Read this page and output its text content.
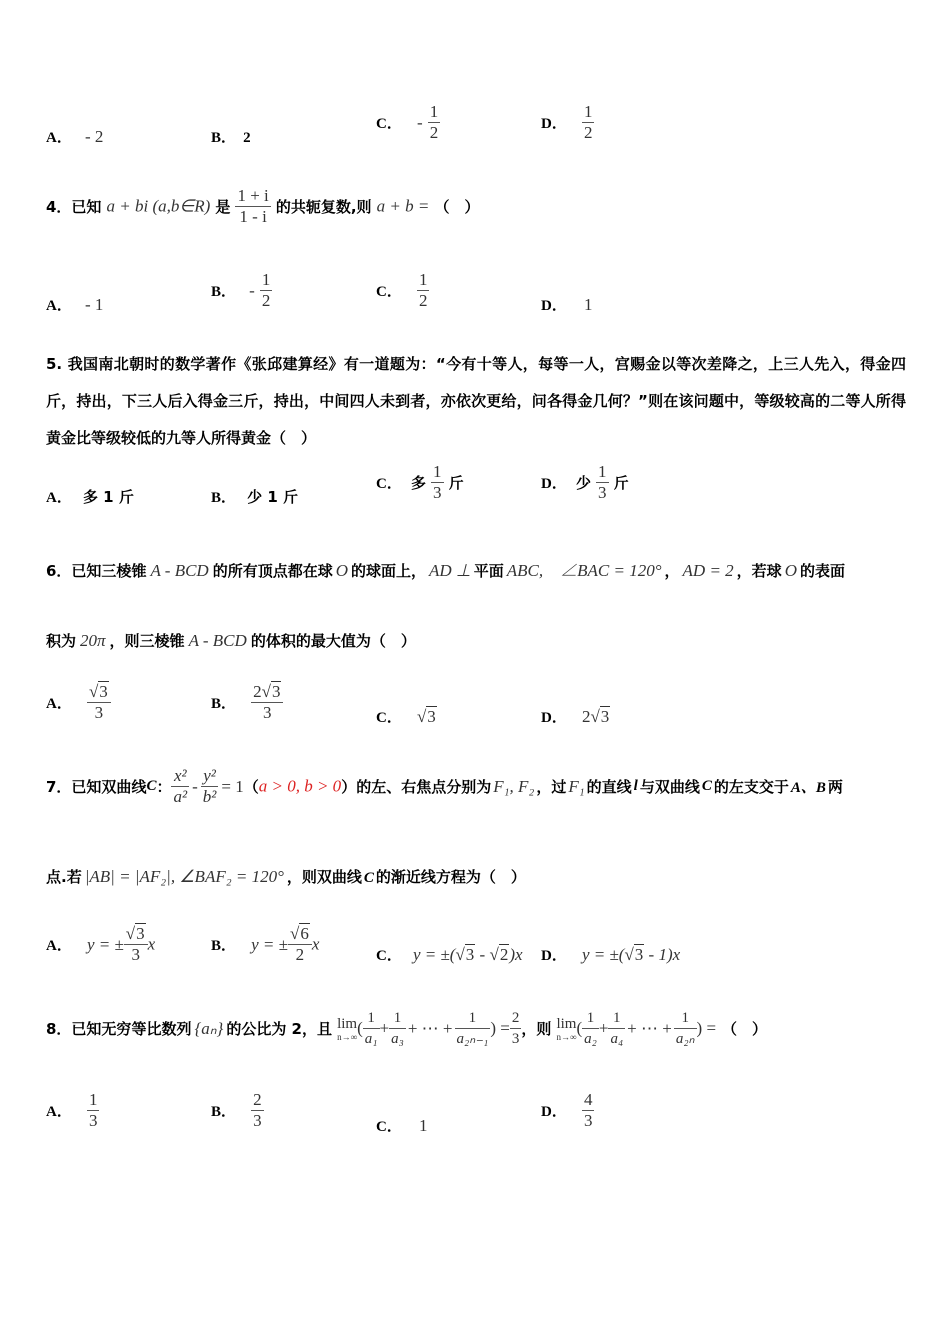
A． - 2	B． 2
C． - $\frac{1}{2}$	D． $\frac{1}{2}$
4．已知 a + bi (a,b∈R) 是 $\frac{1 + i}{1 - i}$ 的共轭复数,则 a + b = （　）
A． - 1
B． - $\frac{1}{2}$	C． $\frac{1}{2}$	D． 1
5. 我国南北朝时的数学著作《张邱建算经》有一道题为：“今有十等人，每等一人，宫赐金以等次差降之，上三人先入，得金四斤，持出，下三人后入得金三斤，持出，中间四人未到者，亦依次更给，问各得金几何？”则在该问题中，等级较高的二等人所得黄金比等级较低的九等人所得黄金（　）
A． 多 1 斤	B． 少 1 斤
C． 多 $\frac{1}{3}$ 斤	D． 少 $\frac{1}{3}$ 斤
6．已知三棱锥 A - BCD 的所有顶点都在球 O 的球面上， AD ⊥ 平面 ABC,　∠BAC = 120° ， AD = 2 ，若球 O 的表面
积为 20π ，则三棱锥 A - BCD 的体积的最大值为（　）
A． $\frac{√3}{3}$	B． $\frac{2√3}{3}$	C． √3	D． 2√3
7．已知双曲线C： $\frac{\text{x²}}{\text{a²}} - \frac{\text{y²}}{\text{b²}} = 1(a > 0$, b > 0）的左、右焦点分别为 F₁, F₂ ，过 F₁ 的直线 l 与双曲线 C 的左支交于 A、B 两
点.若 |AB| = |AF₂|, ∠BAF₂ = 120° ，则双曲线 C 的渐近线方程为（　）
A． y = ± $\frac{√3}{3}$ x	B． y = ± $\frac{√6}{2}$ x
C． y = ±(√3 - √2)x D． y = ±(√3 - 1)x
8．已知无穷等比数列 {aₙ} 的公比为 2，且 lim
n→∞ ( $\frac{1}{\text{a₁}} + \frac{1}{\text{a₃}}$ + ⋯ + $\frac{1}{\text{a₂ₙ₋₁}}$ ) = $\frac{2}{3}$ ，则 lim
n→∞ ( $\frac{1}{\text{a₂}} + \frac{1}{\text{a₄}}$ + ⋯ + $\frac{1}{\text{a₂ₙ}}$ ) = （　）
A． $\frac{1}{3}$	B． $\frac{2}{3}$	C． 1
D． $\frac{4}{3}$
